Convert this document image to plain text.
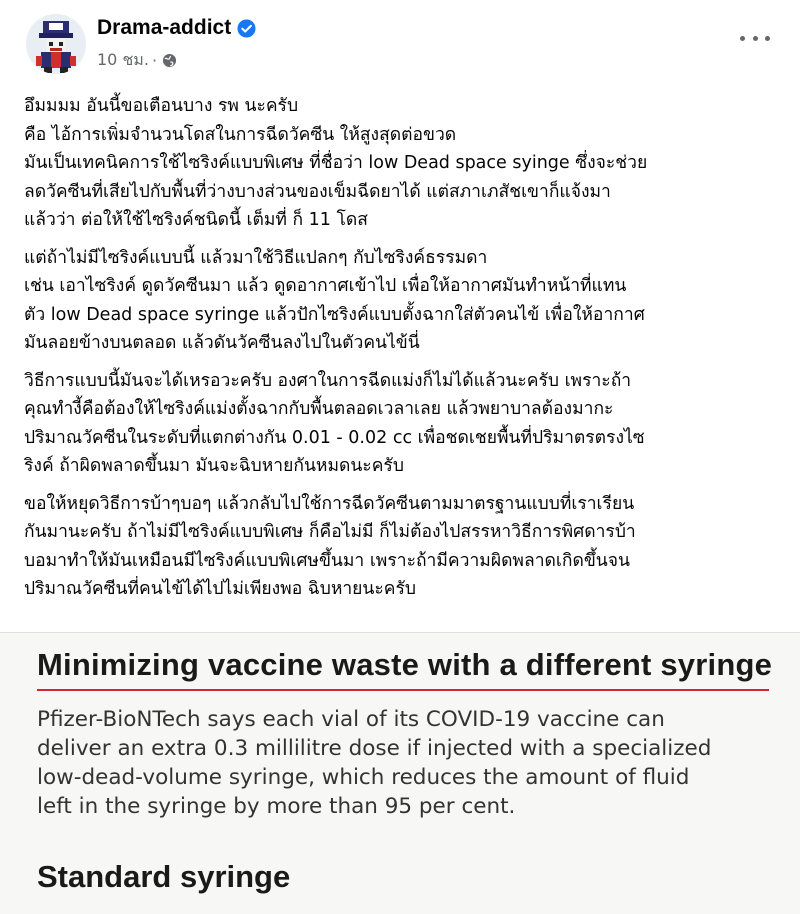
Drama-addict
10 ชม. ·

อึมมมม อันนี้ขอเตือนบาง รพ นะครับ
คือ ไอ้การเพิ่มจำนวนโดสในการฉีดวัคซีน ให้สูงสุดต่อขวด
มันเป็นเทคนิคการใช้ไซริงค์แบบพิเศษ ที่ชื่อว่า low Dead space syinge ซึ่งจะช่วย
ลดวัคซีนที่เสียไปกับพื้นที่ว่างบางส่วนของเข็มฉีดยาได้ แต่สภาเภสัชเขาก็แจ้งมา
แล้วว่า ต่อให้ใช้ไซริงค์ชนิดนี้ เต็มที่ ก็ 11 โดส

แต่ถ้าไม่มีไซริงค์แบบนี้ แล้วมาใช้วิธีแปลกๆ กับไซริงค์ธรรมดา
เช่น เอาไซริงค์ ดูดวัคซีนมา แล้ว ดูดอากาศเข้าไป เพื่อให้อากาศมันทำหน้าที่แทน
ตัว low Dead space syringe แล้วปักไซริงค์แบบตั้งฉากใส่ตัวคนไข้ เพื่อให้อากาศ
มันลอยข้างบนตลอด แล้วดันวัคซีนลงไปในตัวคนไข้นี่

วิธีการแบบนี้มันจะได้เหรอวะครับ องศาในการฉีดแม่งก็ไม่ได้แล้วนะครับ เพราะถ้า
คุณทำงี้คือต้องให้ไซริงค์แม่งตั้งฉากกับพื้นตลอดเวลาเลย แล้วพยาบาลต้องมากะ
ปริมาณวัคซีนในระดับที่แตกต่างกัน 0.01 - 0.02 cc เพื่อชดเชยพื้นที่ปริมาตรตรงไซ
ริงค์ ถ้าผิดพลาดขึ้นมา มันจะฉิบหายกันหมดนะครับ

ขอให้หยุดวิธีการบ้าๆบอๆ แล้วกลับไปใช้การฉีดวัคซีนตามมาตรฐานแบบที่เราเรียน
กันมานะครับ ถ้าไม่มีไซริงค์แบบพิเศษ ก็คือไม่มี ก็ไม่ต้องไปสรรหาวิธีการพิศดารบ้า
บอมาทำให้มันเหมือนมีไซริงค์แบบพิเศษขึ้นมา เพราะถ้ามีความผิดพลาดเกิดขึ้นจน
ปริมาณวัคซีนที่คนไข้ได้ไปไม่เพียงพอ ฉิบหายนะครับ

Minimizing vaccine waste with a different syringe
Pfizer-BioNTech says each vial of its COVID-19 vaccine can
deliver an extra 0.3 millilitre dose if injected with a specialized
low-dead-volume syringe, which reduces the amount of fluid
left in the syringe by more than 95 per cent.
Standard syringe
